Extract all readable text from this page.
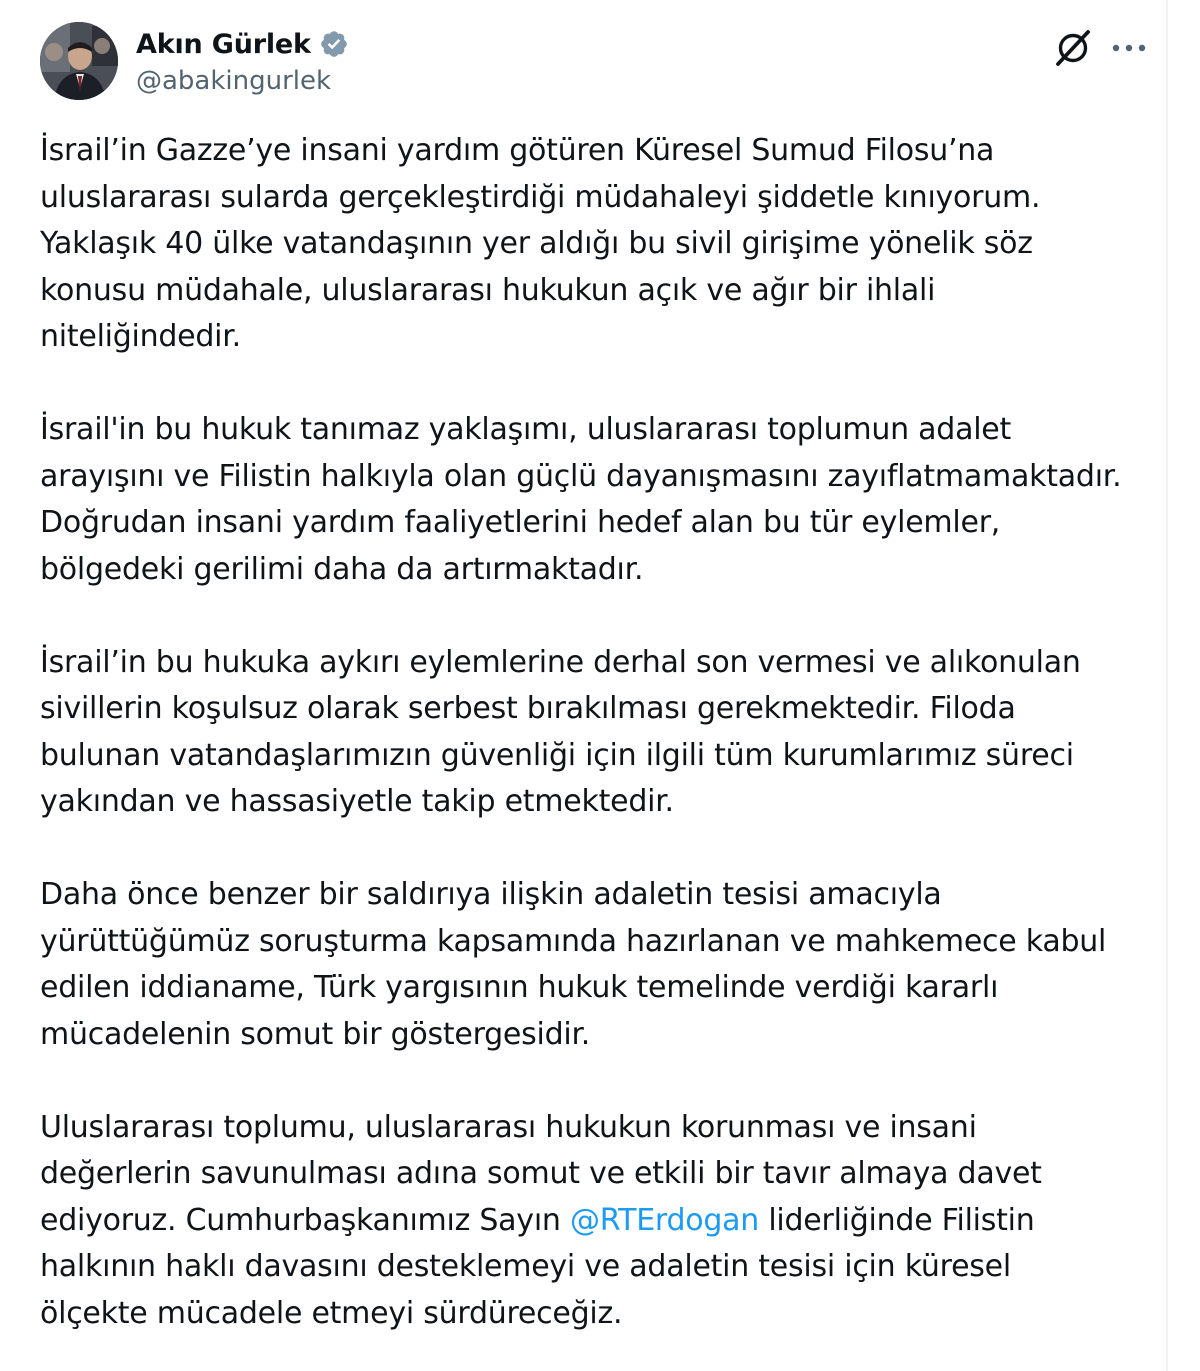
Akın Gürlek
@abakingurlek

İsrail’in Gazze’ye insani yardım götüren Küresel Sumud Filosu’na

uluslararası sularda gerçekleştirdiği müdahaleyi şiddetle kınıyorum.

Yaklaşık 40 ülke vatandaşının yer aldığı bu sivil girişime yönelik söz

konusu müdahale, uluslararası hukukun açık ve ağır bir ihlali

niteliğindedir.

İsrail'in bu hukuk tanımaz yaklaşımı, uluslararası toplumun adalet

arayışını ve Filistin halkıyla olan güçlü dayanışmasını zayıflatmamaktadır.

Doğrudan insani yardım faaliyetlerini hedef alan bu tür eylemler,

bölgedeki gerilimi daha da artırmaktadır.

İsrail’in bu hukuka aykırı eylemlerine derhal son vermesi ve alıkonulan

sivillerin koşulsuz olarak serbest bırakılması gerekmektedir. Filoda

bulunan vatandaşlarımızın güvenliği için ilgili tüm kurumlarımız süreci

yakından ve hassasiyetle takip etmektedir.

Daha önce benzer bir saldırıya ilişkin adaletin tesisi amacıyla

yürüttüğümüz soruşturma kapsamında hazırlanan ve mahkemece kabul

edilen iddianame, Türk yargısının hukuk temelinde verdiği kararlı

mücadelenin somut bir göstergesidir.

Uluslararası toplumu, uluslararası hukukun korunması ve insani

değerlerin savunulması adına somut ve etkili bir tavır almaya davet

ediyoruz. Cumhurbaşkanımız Sayın @RTErdogan liderliğinde Filistin

halkının haklı davasını desteklemeyi ve adaletin tesisi için küresel

ölçekte mücadele etmeyi sürdüreceğiz.
